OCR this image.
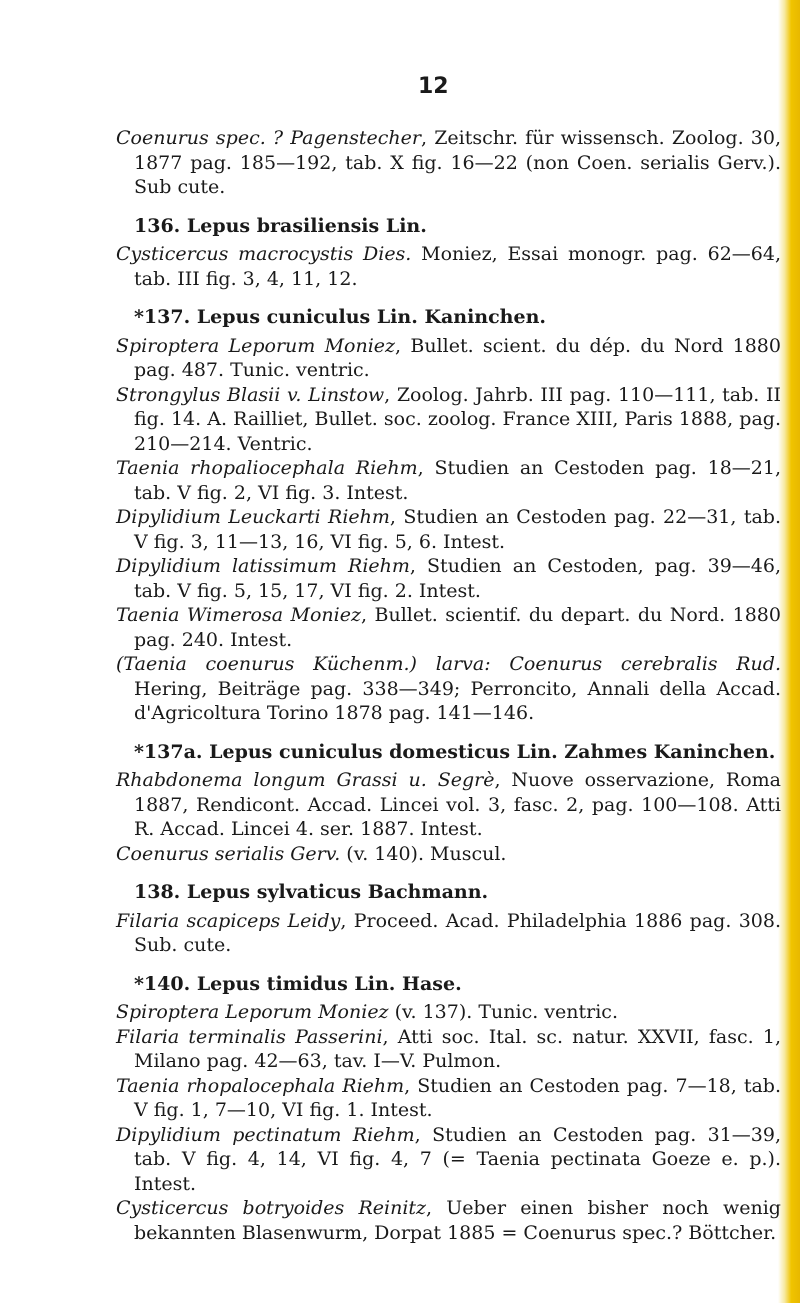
12

Coenurus spec. ? Pagenstecher, Zeitschr. für wissensch. Zoolog. 30, 1877 pag. 185—192, tab. X fig. 16—22 (non Coen. serialis Gerv.). Sub cute.

136. Lepus brasiliensis Lin.

Cysticercus macrocystis Dies. Moniez, Essai monogr. pag. 62—64, tab. III fig. 3, 4, 11, 12.

*137. Lepus cuniculus Lin. Kaninchen.

Spiroptera Leporum Moniez, Bullet. scient. du dép. du Nord 1880 pag. 487. Tunic. ventric.

Strongylus Blasii v. Linstow, Zoolog. Jahrb. III pag. 110—111, tab. II fig. 14. A. Railliet, Bullet. soc. zoolog. France XIII, Paris 1888, pag. 210—214. Ventric.

Taenia rhopaliocephala Riehm, Studien an Cestoden pag. 18—21, tab. V fig. 2, VI fig. 3. Intest.

Dipylidium Leuckarti Riehm, Studien an Cestoden pag. 22—31, tab. V fig. 3, 11—13, 16, VI fig. 5, 6. Intest.

Dipylidium latissimum Riehm, Studien an Cestoden, pag. 39—46, tab. V fig. 5, 15, 17, VI fig. 2. Intest.

Taenia Wimerosa Moniez, Bullet. scientif. du depart. du Nord. 1880 pag. 240. Intest.

(Taenia coenurus Küchenm.) larva: Coenurus cerebralis Rud. Hering, Beiträge pag. 338—349; Perroncito, Annali della Accad. d'Agricoltura Torino 1878 pag. 141—146.

*137a. Lepus cuniculus domesticus Lin. Zahmes Kaninchen.

Rhabdonema longum Grassi u. Segrè, Nuove osservazione, Roma 1887, Rendicont. Accad. Lincei vol. 3, fasc. 2, pag. 100—108. Atti R. Accad. Lincei 4. ser. 1887. Intest.

Coenurus serialis Gerv. (v. 140). Muscul.

138. Lepus sylvaticus Bachmann.

Filaria scapiceps Leidy, Proceed. Acad. Philadelphia 1886 pag. 308. Sub. cute.

*140. Lepus timidus Lin. Hase.

Spiroptera Leporum Moniez (v. 137). Tunic. ventric.

Filaria terminalis Passerini, Atti soc. Ital. sc. natur. XXVII, fasc. 1, Milano pag. 42—63, tav. I—V. Pulmon.

Taenia rhopalocephala Riehm, Studien an Cestoden pag. 7—18, tab. V fig. 1, 7—10, VI fig. 1. Intest.

Dipylidium pectinatum Riehm, Studien an Cestoden pag. 31—39, tab. V fig. 4, 14, VI fig. 4, 7 (= Taenia pectinata Goeze e. p.). Intest.

Cysticercus botryoides Reinitz, Ueber einen bisher noch wenig bekannten Blasenwurm, Dorpat 1885 = Coenurus spec.? Böttcher.
